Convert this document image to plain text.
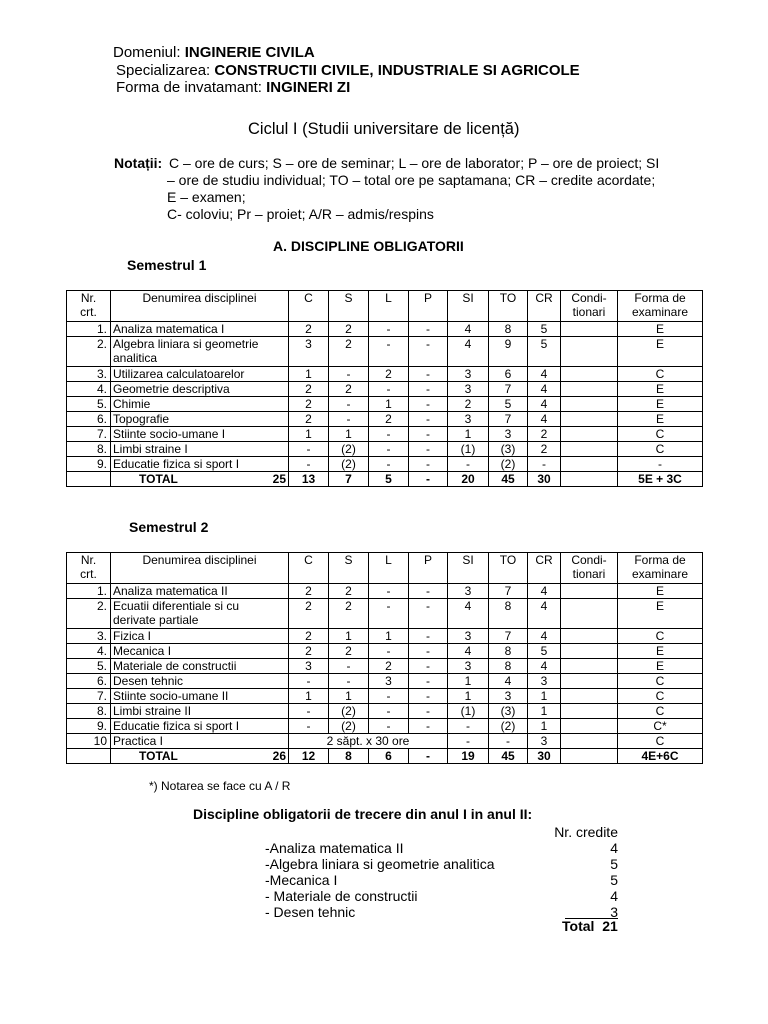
Domeniul: INGINERIE CIVILA
Specializarea: CONSTRUCTII CIVILE, INDUSTRIALE SI AGRICOLE
Forma de invatamant: INGINERI ZI
Ciclul I (Studii universitare de licență)
Notații: C – ore de curs; S – ore de seminar; L – ore de laborator; P – ore de proiect; SI
– ore de studiu individual; TO – total ore pe saptamana; CR – credite acordate;
E – examen;
C- coloviu; Pr – proiet; A/R – admis/respins
A. DISCIPLINE OBLIGATORII
Semestrul 1
Nr.
crt.	Denumirea disciplinei	C	S	L	P	SI	TO	CR	Condi-
tionari	Forma de
examinare
1.	Analiza matematica I	2	2	-	-	4	8	5		E
2.	Algebra liniara si geometrie
analitica	3	2	-	-	4	9	5		E
3.	Utilizarea calculatoarelor	1	-	2	-	3	6	4		C
4.	Geometrie descriptiva	2	2	-	-	3	7	4		E
5.	Chimie	2	-	1	-	2	5	4		E
6.	Topografie	2	-	2	-	3	7	4		E
7.	Stiinte socio-umane I	1	1	-	-	1	3	2		C
8.	Limbi straine I	-	(2)	-	-	(1)	(3)	2		C
9.	Educatie fizica si sport I	-	(2)	-	-	-	(2)	-		-
	TOTAL 25	13	7	5	-	20	45	30		5E + 3C
Semestrul 2
Nr.
crt.	Denumirea disciplinei	C	S	L	P	SI	TO	CR	Condi-
tionari	Forma de
examinare
1.	Analiza matematica II	2	2	-	-	3	7	4		E
2.	Ecuatii diferentiale si cu
derivate partiale	2	2	-	-	4	8	4		E
3.	Fizica I	2	1	1	-	3	7	4		C
4.	Mecanica I	2	2	-	-	4	8	5		E
5.	Materiale de constructii	3	-	2	-	3	8	4		E
6.	Desen tehnic	-	-	3	-	1	4	3		C
7.	Stiinte socio-umane II	1	1	-	-	1	3	1		C
8.	Limbi straine II	-	(2)	-	-	(1)	(3)	1		C
9.	Educatie fizica si sport I	-	(2)	-	-	-	(2)	1		C*
10	Practica I	2 săpt. x 30 ore				-	-	3		C
	TOTAL 26	12	8	6	-	19	45	30		4E+6C
*) Notarea se face cu A / R
Discipline obligatorii de trecere din anul I in anul II:
Nr. credite
-Analiza matematica II	4
-Algebra liniara si geometrie analitica	5
-Mecanica I	5
- Materiale de constructii	4
- Desen tehnic	3
Total 21
